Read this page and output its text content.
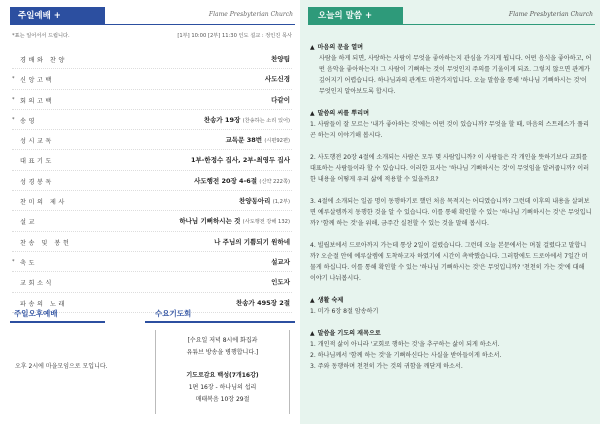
주일예배 +	Flame Presbyterian Church
*표는 일어서서 드립니다.	[1부] 10:00 [2부] 11:30 인도 설교 : 정인진 목사
경배와 찬양	찬양팀
* 신앙고백	사도신경
* 회의고백	다같이
* 송영	찬송가 19장 (찬송하는 소리 있어)
성시교독	교독문 38번 (시편92편)
대표기도	1부-한정수 집사, 2부-최영두 집사
성경봉독	사도행전 20장 4-6절 (신약 222쪽)
찬미의 제사	찬양동아리 (1,2부)
설교	하나님 기뻐하시는 것 (사도행전 강해 132)
찬송 및 봉헌	나 주님의 기쁨되기 원하네
* 축도	설교자
교회소식	인도자
파송의 노래	찬송가 495장 2절
주일오후예배	수요기도회
오후 2시에 마을모임으로 모입니다.
[수요일 저녁 8시에 화집과
유튜브 방송을 병행합니다.]
기도로감요 백성(7개16강)
1편 16장 - 하나님의 섭리
매태복음 10장 29절
오늘의 말씀 +	Flame Presbyterian Church
▲ 마음의 문을 열며
사람을 하게 되면, 사랑하는 사람이 무엇을 좋아하는지 관심을 가지게 됩니다. 어떤 음식을 좋아하고, 어떤 음악을 좋아하는지! 그 사람이 기뻐하는 것이 무엇인지 주의를 기울이게 되죠. 그렇지 않으면 관계가 깊어지기 어렵습니다. 하나님과의 관계도 마찬가지입니다. 오늘 말씀을 통해 '하나님 기뻐하시는 것'이 무엇인지 알아보도록 합시다.
▲ 말씀의 씨를 뿌리며
1. 사람들이 잘 모르는 '내가 좋아하는 것'에는 어떤 것이 있습니까? 무엇을 할 때, 마음의 스트레스가 풀리곤 하는지 이야기해 봅시다.
2. 사도행전 20장 4절에 소개되는 사람은 모두 몇 사람입니까? 이 사람들은 각 개인을 뜻하기보다 교회를 대표하는 사람들이라 할 수 있습니다. 이러한 묘사는 '하나님 기뻐하시는 것'이 무엇임을 알려줍니까? 이러한 내용을 어떻게 우리 삶에 적용할 수 있을까요?
3. 4절에 소개되는 일곱 명이 동행하기로 했던 처음 목적지는 어디였습니까? 그런데 이후의 내용을 살펴보면 예루살렘까지 동행한 것을 알 수 있습니다. 이를 통해 확인할 수 있는 '하나님 기뻐하시는 것'은 무엇입니까? '함께 하는 것'을 위해, 금주간 실천할 수 있는 것을 말해 봅시다.
4. 빌립보에서 드로아까지 가는데 통상 2일이 걸렸습니다. 그런데 오늘 본문에서는 며칠 걸렸다고 말합니까? 오순절 안에 예루살렘에 도착하고자 하였기에 시간이 촉박했습니다. 그러함에도 드로아에서 7일간 머물게 하십니다. 이를 통해 확인할 수 있는 '하나님 기뻐하시는 것'은 무엇입니까? '천천히 가는 것'에 대해 이야기 나눠봅시다.
▲ 생활 숙제
1. 미가 6장 8절 암송하기
▲ 말씀을 기도의 재목으로
1. 개인적 삶이 아니라 '교회로 행하는 것'을 추구하는 삶이 되게 하소서.
2. 하나님께서 '함께 하는 것'을 기뻐하신다는 사실을 받아들이게 하소서.
3. 주와 동행하며 천천히 가는 것의 귀함을 깨닫게 하소서.
